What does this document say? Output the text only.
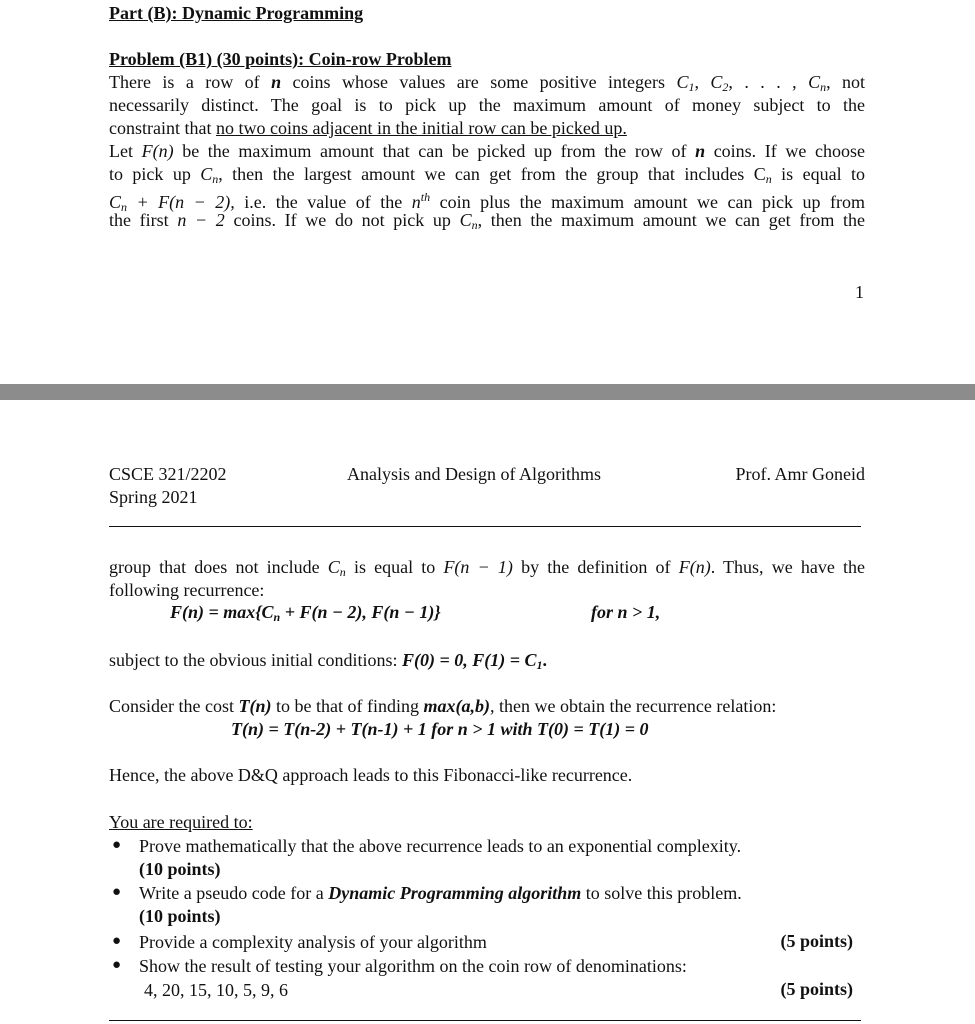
Part (B): Dynamic Programming
Problem (B1) (30 points): Coin-row Problem
There is a row of n coins whose values are some positive integers $C_1$, $C_2$, . . . , $C_n$, not
necessarily distinct. The goal is to pick up the maximum amount of money subject to the
constraint that no two coins adjacent in the initial row can be picked up.
Let F(n) be the maximum amount that can be picked up from the row of n coins. If we choose
to pick up $C_n$, then the largest amount we can get from the group that includes $C_n$ is equal to
$C_n + F(n - 2)$, i.e. the value of the $n^{th}$ coin plus the maximum amount we can pick up from
the first n − 2 coins. If we do not pick up $C_n$, then the maximum amount we can get from the
1
CSCE 321/2202
Spring 2021
Analysis and Design of Algorithms	Prof. Amr Goneid
group that does not include $C_n$ is equal to F(n − 1) by the definition of F(n). Thus, we have the
following recurrence:
$F(n) = \max\{C_n + F(n - 2)$, F(n − 1)}	for n > 1,
subject to the obvious initial conditions: F(0) = 0, $F(1) = C_1$.
Consider the cost T(n) to be that of finding max(a,b), then we obtain the recurrence relation:
T(n) = T(n-2) + T(n-1) + 1 for n > 1 with T(0) = T(1) = 0
Hence, the above D&Q approach leads to this Fibonacci-like recurrence.
You are required to:
● Prove mathematically that the above recurrence leads to an exponential complexity.
(10 points)
● Write a pseudo code for a Dynamic Programming algorithm to solve this problem.
(10 points)
● Provide a complexity analysis of your algorithm	(5 points)
● Show the result of testing your algorithm on the coin row of denominations:
4, 20, 15, 10, 5, 9, 6	(5 points)
